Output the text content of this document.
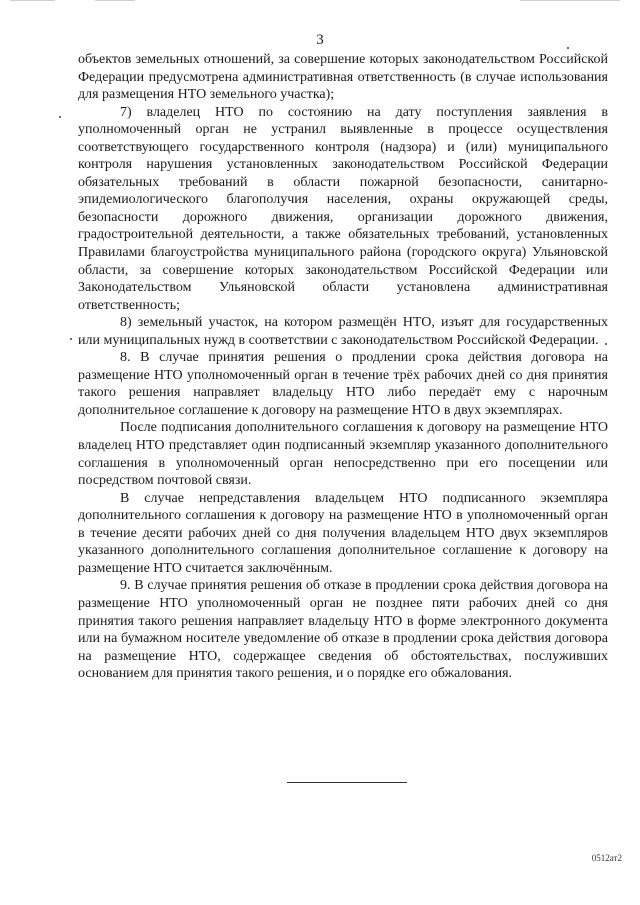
3

объектов земельных отношений, за совершение которых законодательством Российской Федерации предусмотрена административная ответственность (в случае использования для размещения НТО земельного участка);

7) владелец НТО по состоянию на дату поступления заявления в уполномоченный орган не устранил выявленные в процессе осуществления соответствующего государственного контроля (надзора) и (или) муниципального контроля нарушения установленных законодательством Российской Федерации обязательных требований в области пожарной безопасности, санитарно-эпидемиологического благополучия населения, охраны окружающей среды, безопасности дорожного движения, организации дорожного движения, градостроительной деятельности, а также обязательных требований, установленных Правилами благоустройства муниципального района (городского округа) Ульяновской области, за совершение которых законодательством Российской Федерации или Законодательством Ульяновской области установлена административная ответственность;

8) земельный участок, на котором размещён НТО, изъят для государственных или муниципальных нужд в соответствии с законодательством Российской Федерации.

8. В случае принятия решения о продлении срока действия договора на размещение НТО уполномоченный орган в течение трёх рабочих дней со дня принятия такого решения направляет владельцу НТО либо передаёт ему с нарочным дополнительное соглашение к договору на размещение НТО в двух экземплярах.

После подписания дополнительного соглашения к договору на размещение НТО владелец НТО представляет один подписанный экземпляр указанного дополнительного соглашения в уполномоченный орган непосредственно при его посещении или посредством почтовой связи.

В случае непредставления владельцем НТО подписанного экземпляра дополнительного соглашения к договору на размещение НТО в уполномоченный орган в течение десяти рабочих дней со дня получения владельцем НТО двух экземпляров указанного дополнительного соглашения дополнительное соглашение к договору на размещение НТО считается заключённым.

9. В случае принятия решения об отказе в продлении срока действия договора на размещение НТО уполномоченный орган не позднее пяти рабочих дней со дня принятия такого решения направляет владельцу НТО в форме электронного документа или на бумажном носителе уведомление об отказе в продлении срока действия договора на размещение НТО, содержащее сведения об обстоятельствах, послуживших основанием для принятия такого решения, и о порядке его обжалования.

0512ат2
